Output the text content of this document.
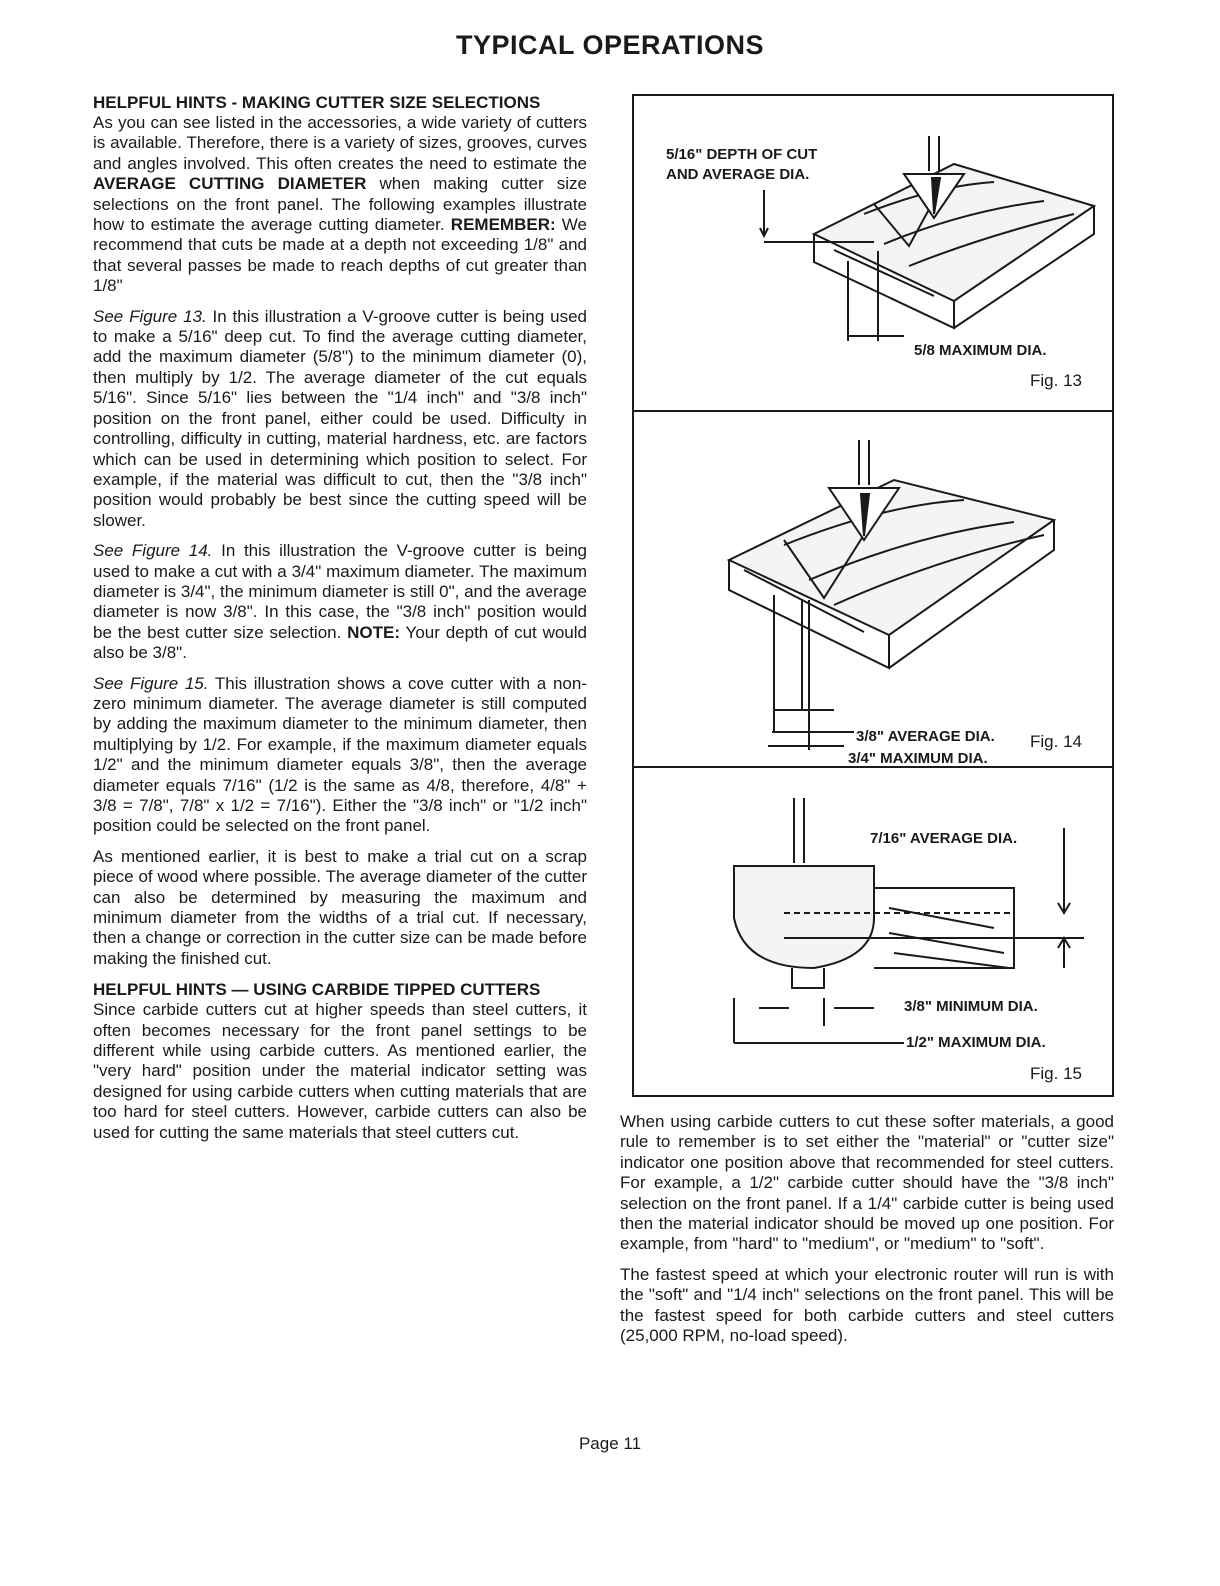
TYPICAL OPERATIONS

HELPFUL HINTS - MAKING CUTTER SIZE SELECTIONS

As you can see listed in the accessories, a wide variety of cutters is available. Therefore, there is a variety of sizes, grooves, curves and angles involved. This often creates the need to estimate the AVERAGE CUTTING DIAMETER when making cutter size selections on the front panel. The following examples illustrate how to estimate the average cutting diameter. REMEMBER: We recommend that cuts be made at a depth not exceeding 1/8" and that several passes be made to reach depths of cut greater than 1/8"

See Figure 13. In this illustration a V-groove cutter is being used to make a 5/16" deep cut. To find the average cutting diameter, add the maximum diameter (5/8") to the minimum diameter (0), then multiply by 1/2. The average diameter of the cut equals 5/16". Since 5/16" lies between the "1/4 inch" and "3/8 inch" position on the front panel, either could be used. Difficulty in controlling, difficulty in cutting, material hardness, etc. are factors which can be used in determining which position to select. For example, if the material was difficult to cut, then the "3/8 inch" position would probably be best since the cutting speed will be slower.

See Figure 14. In this illustration the V-groove cutter is being used to make a cut with a 3/4" maximum diameter. The maximum diameter is 3/4", the minimum diameter is still 0", and the average diameter is now 3/8". In this case, the "3/8 inch" position would be the best cutter size selection. NOTE: Your depth of cut would also be 3/8".

See Figure 15. This illustration shows a cove cutter with a non-zero minimum diameter. The average diameter is still computed by adding the maximum diameter to the minimum diameter, then multiplying by 1/2. For example, if the maximum diameter equals 1/2" and the minimum diameter equals 3/8", then the average diameter equals 7/16" (1/2 is the same as 4/8, therefore, 4/8" + 3/8 = 7/8", 7/8" x 1/2 = 7/16"). Either the "3/8 inch" or "1/2 inch" position could be selected on the front panel.

As mentioned earlier, it is best to make a trial cut on a scrap piece of wood where possible. The average diameter of the cutter can also be determined by measuring the maximum and minimum diameter from the widths of a trial cut. If necessary, then a change or correction in the cutter size can be made before making the finished cut.

HELPFUL HINTS — USING CARBIDE TIPPED CUTTERS

Since carbide cutters cut at higher speeds than steel cutters, it often becomes necessary for the front panel settings to be different while using carbide cutters. As mentioned earlier, the "very hard" position under the material indicator setting was designed for using carbide cutters when cutting materials that are too hard for steel cutters. However, carbide cutters can also be used for cutting the same materials that steel cutters cut.

5/16" DEPTH OF CUT
AND AVERAGE DIA.
5/8 MAXIMUM DIA.
Fig. 13
3/8" AVERAGE DIA.
3/4" MAXIMUM DIA.
Fig. 14
7/16" AVERAGE DIA.
3/8" MINIMUM DIA.
1/2" MAXIMUM DIA.
Fig. 15

When using carbide cutters to cut these softer materials, a good rule to remember is to set either the "material" or "cutter size" indicator one position above that recommended for steel cutters. For example, a 1/2" carbide cutter should have the "3/8 inch" selection on the front panel. If a 1/4" carbide cutter is being used then the material indicator should be moved up one position. For example, from "hard" to "medium", or "medium" to "soft".

The fastest speed at which your electronic router will run is with the "soft" and "1/4 inch" selections on the front panel. This will be the fastest speed for both carbide cutters and steel cutters (25,000 RPM, no-load speed).

Page 11
